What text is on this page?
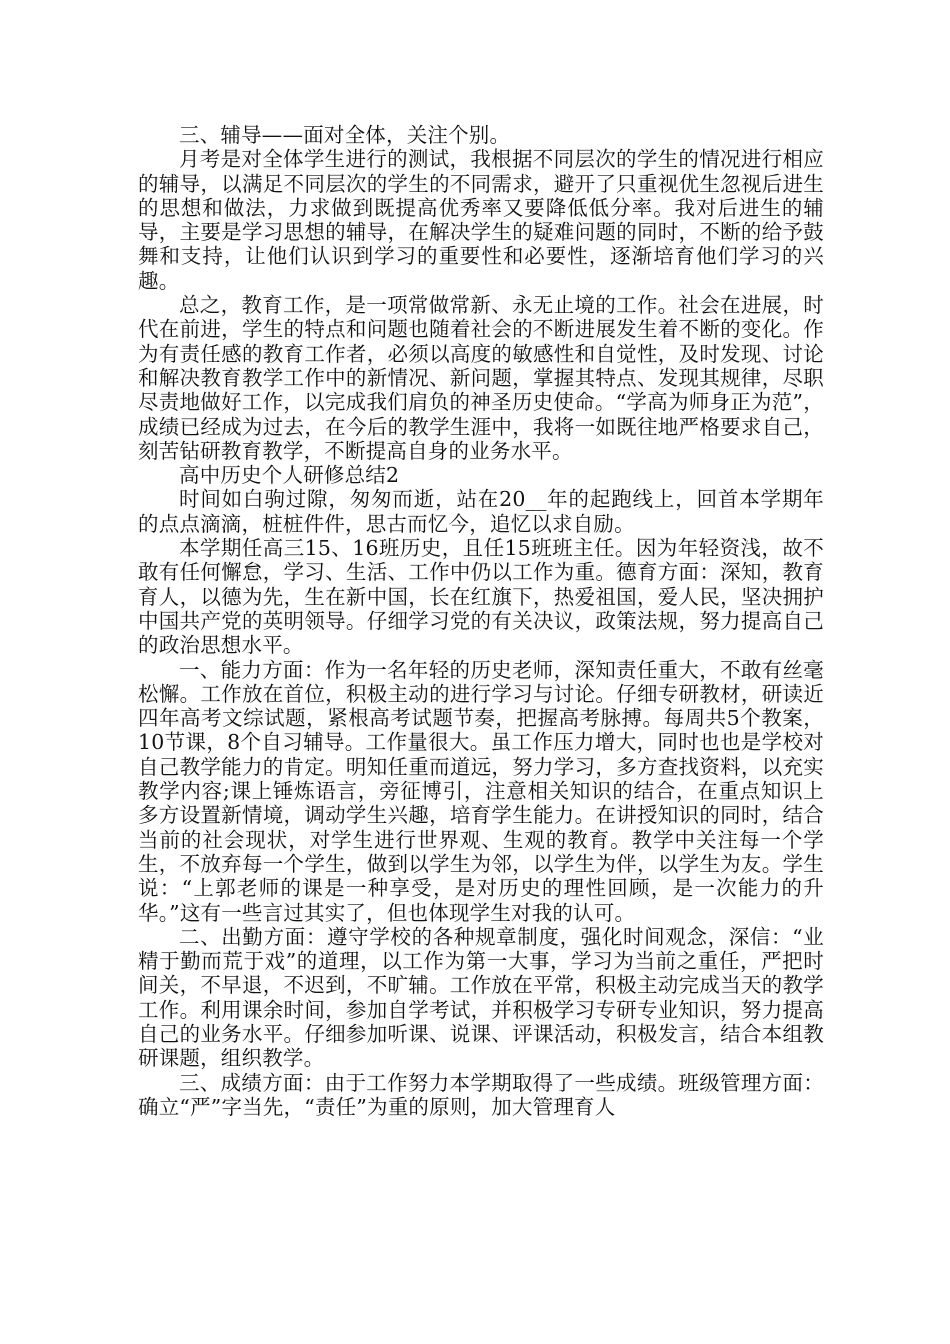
三、辅导——面对全体，关注个别。

月考是对全体学生进行的测试，我根据不同层次的学生的情况进行相应的辅导，以满足不同层次的学生的不同需求，避开了只重视优生忽视后进生的思想和做法，力求做到既提高优秀率又要降低低分率。我对后进生的辅导，主要是学习思想的辅导，在解决学生的疑难问题的同时，不断的给予鼓舞和支持，让他们认识到学习的重要性和必要性，逐渐培育他们学习的兴趣。

总之，教育工作，是一项常做常新、永无止境的工作。社会在进展，时代在前进，学生的特点和问题也随着社会的不断进展发生着不断的变化。作为有责任感的教育工作者，必须以高度的敏感性和自觉性，及时发现、讨论和解决教育教学工作中的新情况、新问题，掌握其特点、发现其规律，尽职尽责地做好工作，以完成我们肩负的神圣历史使命。“学高为师身正为范”，成绩已经成为过去，在今后的教学生涯中，我将一如既往地严格要求自己，刻苦钻研教育教学，不断提高自身的业务水平。

高中历史个人研修总结2

时间如白驹过隙，匆匆而逝，站在20__年的起跑线上，回首本学期年的点点滴滴，桩桩件件，思古而忆今，追忆以求自励。

本学期任高三15、16班历史，且任15班班主任。因为年轻资浅，故不敢有任何懈怠，学习、生活、工作中仍以工作为重。德育方面：深知，教育育人，以德为先，生在新中国，长在红旗下，热爱祖国，爱人民，坚决拥护中国共产党的英明领导。仔细学习党的有关决议，政策法规，努力提高自己的政治思想水平。

一、能力方面：作为一名年轻的历史老师，深知责任重大，不敢有丝毫松懈。工作放在首位，积极主动的进行学习与讨论。仔细专研教材，研读近四年高考文综试题，紧根高考试题节奏，把握高考脉搏。每周共5个教案，10节课，8个自习辅导。工作量很大。虽工作压力增大，同时也也是学校对自己教学能力的肯定。明知任重而道远，努力学习，多方查找资料，以充实教学内容;课上锤炼语言，旁征博引，注意相关知识的结合，在重点知识上多方设置新情境，调动学生兴趣，培育学生能力。在讲授知识的同时，结合当前的社会现状，对学生进行世界观、生观的教育。教学中关注每一个学生，不放弃每一个学生，做到以学生为邻，以学生为伴，以学生为友。学生说：“上郭老师的课是一种享受，是对历史的理性回顾，是一次能力的升华。”这有一些言过其实了，但也体现学生对我的认可。

二、出勤方面：遵守学校的各种规章制度，强化时间观念，深信：“业精于勤而荒于戏”的道理，以工作为第一大事，学习为当前之重任，严把时间关，不早退，不迟到，不旷辅。工作放在平常，积极主动完成当天的教学工作。利用课余时间，参加自学考试，并积极学习专研专业知识，努力提高自己的业务水平。仔细参加听课、说课、评课活动，积极发言，结合本组教研课题，组织教学。

三、成绩方面：由于工作努力本学期取得了一些成绩。班级管理方面：确立“严”字当先，“责任”为重的原则，加大管理育人
